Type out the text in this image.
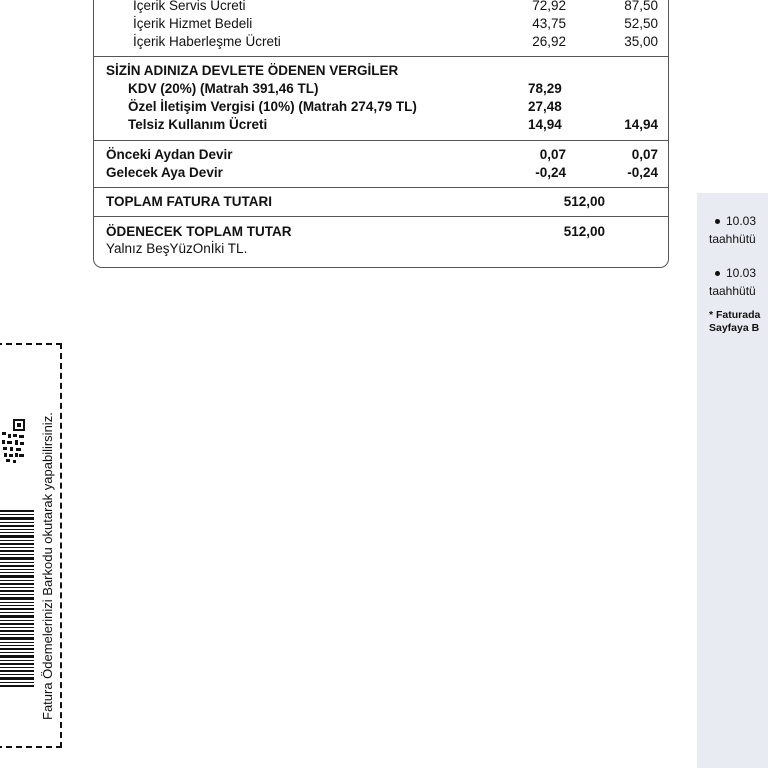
İçerik Servis Ücreti	72,92	87,50
İçerik Hizmet Bedeli	43,75	52,50
İçerik Haberleşme Ücreti	26,92	35,00
SİZİN ADINIZA DEVLETE ÖDENEN VERGİLER
KDV (20%) (Matrah 391,46 TL)	78,29
Özel İletişim Vergisi (10%) (Matrah 274,79 TL)	27,48
Telsiz Kullanım Ücreti	14,94	14,94
Önceki Aydan Devir	0,07	0,07
Gelecek Aya Devir	-0,24	-0,24
TOPLAM FATURA TUTARI	512,00
ÖDENECEK TOPLAM TUTAR	512,00
Yalnız BeşYüzOnİki TL.
10.03
taahhütü
10.03
taahhütü
* Faturada
Sayfaya B
Fatura Ödemelerinizi Barkodu okutarak yapabilirsiniz.
